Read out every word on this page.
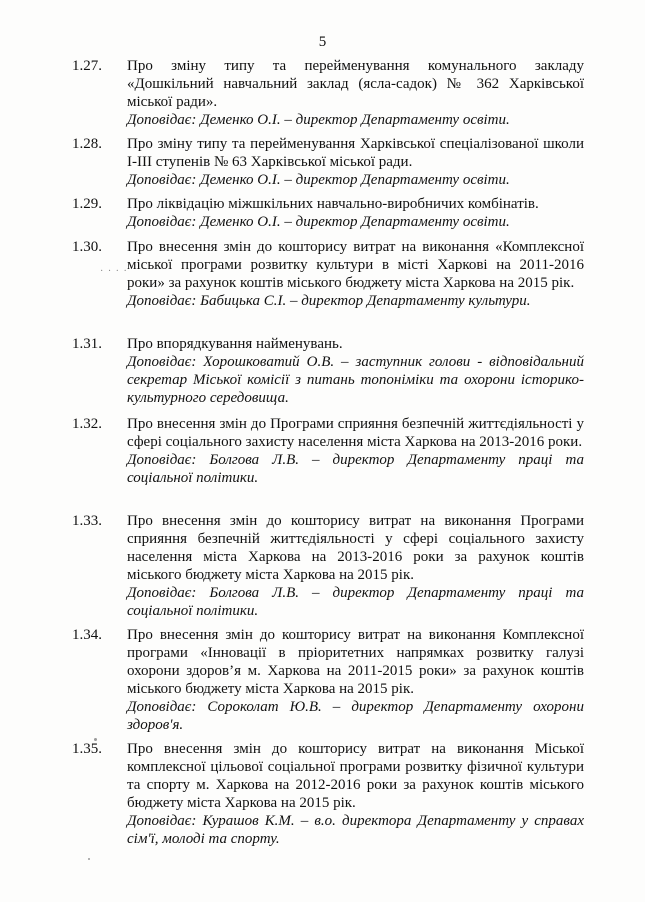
5
· · · ·
1.27. Про зміну типу та перейменування комунального закладу «Дошкільний навчальний заклад (ясла-садок) № 362 Харківської міської ради».

Доповідає: Деменко О.І. – директор Департаменту освіти.

1.28. Про зміну типу та перейменування Харківської спеціалізованої школи І-ІІІ ступенів № 63 Харківської міської ради.

Доповідає: Деменко О.І. – директор Департаменту освіти.

1.29. Про ліквідацію міжшкільних навчально-виробничих комбінатів.

Доповідає: Деменко О.І. – директор Департаменту освіти.

1.30. Про внесення змін до кошторису витрат на виконання «Комплексної міської програми розвитку культури в місті Харкові на 2011-2016 роки» за рахунок коштів міського бюджету міста Харкова на 2015 рік.

Доповідає: Бабицька С.І. – директор Департаменту культури.

1.31. Про впорядкування найменувань.

Доповідає: Хорошковатий О.В. – заступник голови - відповідальний секретар Міської комісії з питань топоніміки та охорони історико-культурного середовища.

1.32. Про внесення змін до Програми сприяння безпечній життєдіяльності у сфері соціального захисту населення міста Харкова на 2013-2016 роки.

Доповідає: Болгова Л.В. – директор Департаменту праці та соціальної політики.

1.33. Про внесення змін до кошторису витрат на виконання Програми сприяння безпечній життєдіяльності у сфері соціального захисту населення міста Харкова на 2013-2016 роки за рахунок коштів міського бюджету міста Харкова на 2015 рік.

Доповідає: Болгова Л.В. – директор Департаменту праці та соціальної політики.

1.34. Про внесення змін до кошторису витрат на виконання Комплексної програми «Інновації в пріоритетних напрямках розвитку галузі охорони здоров’я м. Харкова на 2011-2015 роки» за рахунок коштів міського бюджету міста Харкова на 2015 рік.

Доповідає: Сороколат Ю.В. – директор Департаменту охорони здоров'я.

1.35. Про внесення змін до кошторису витрат на виконання Міської комплексної цільової соціальної програми розвитку фізичної культури та спорту м. Харкова на 2012-2016 роки за рахунок коштів міського бюджету міста Харкова на 2015 рік.

Доповідає: Курашов К.М. – в.о. директора Департаменту у справах сім'ї, молоді та спорту.
